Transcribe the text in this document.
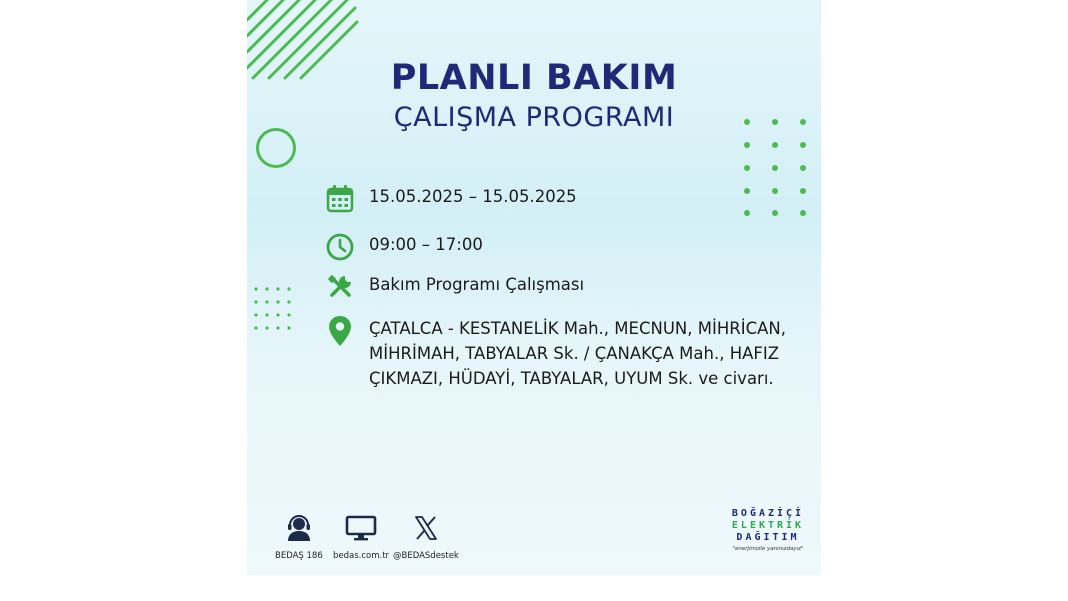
PLANLI BAKIM
ÇALIŞMA PROGRAMI
15.05.2025 – 15.05.2025
09:00 – 17:00
Bakım Programı Çalışması
ÇATALCA - KESTANELİK Mah., MECNUN, MİHRİCAN, MİHRİMAH, TABYALAR Sk. / ÇANAKÇA Mah., HAFIZ ÇIKMAZI, HÜDAYİ, TABYALAR, UYUM Sk. ve civarı.
BEDAŞ 186 bedas.com.tr @BEDASdestek
BOĞAZİÇİ
ELEKTRİK
DAĞITIM
"enerjimizle yanınızdayız"
